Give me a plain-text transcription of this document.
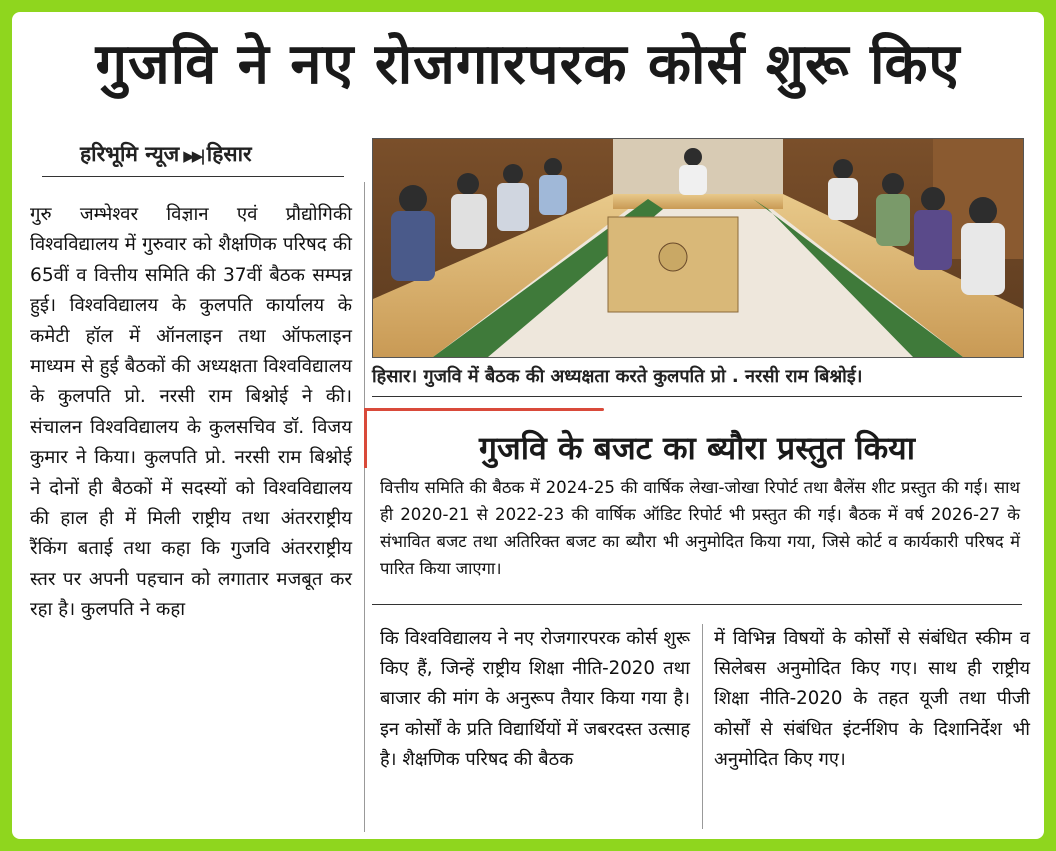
गुजवि ने नए रोजगारपरक कोर्स शुरू किए
हरिभूमि न्यूज ▶▶| हिसार

गुरु जम्भेश्वर विज्ञान एवं प्रौद्योगिकी विश्वविद्यालय में गुरुवार को शैक्षणिक परिषद की 65वीं व वित्तीय समिति की 37वीं बैठक सम्पन्न हुई। विश्वविद्यालय के कुलपति कार्यालय के कमेटी हॉल में ऑनलाइन तथा ऑफलाइन माध्यम से हुई बैठकों की अध्यक्षता विश्वविद्यालय के कुलपति प्रो. नरसी राम बिश्नोई ने की। संचालन विश्वविद्यालय के कुलसचिव डॉ. विजय कुमार ने किया। कुलपति प्रो. नरसी राम बिश्नोई ने दोनों ही बैठकों में सदस्यों को विश्वविद्यालय की हाल ही में मिली राष्ट्रीय तथा अंतरराष्ट्रीय रैंकिंग बताई तथा कहा कि गुजवि अंतरराष्ट्रीय स्तर पर अपनी पहचान को लगातार मजबूत कर रहा है। कुलपति ने कहा

हिसार। गुजवि में बैठक की अध्यक्षता करते कुलपति प्रो . नरसी राम बिश्नोई।
गुजवि के बजट का ब्यौरा प्रस्तुत किया

वित्तीय समिति की बैठक में 2024-25 की वार्षिक लेखा-जोखा रिपोर्ट तथा बैलेंस शीट प्रस्तुत की गई। साथ ही 2020-21 से 2022-23 की वार्षिक ऑडिट रिपोर्ट भी प्रस्तुत की गई। बैठक में वर्ष 2026-27 के संभावित बजट तथा अतिरिक्त बजट का ब्यौरा भी अनुमोदित किया गया, जिसे कोर्ट व कार्यकारी परिषद में पारित किया जाएगा।

कि विश्वविद्यालय ने नए रोजगारपरक कोर्स शुरू किए हैं, जिन्हें राष्ट्रीय शिक्षा नीति-2020 तथा बाजार की मांग के अनुरूप तैयार किया गया है। इन कोर्सों के प्रति विद्यार्थियों में जबरदस्त उत्साह है। शैक्षणिक परिषद की बैठक

में विभिन्न विषयों के कोर्सों से संबंधित स्कीम व सिलेबस अनुमोदित किए गए। साथ ही राष्ट्रीय शिक्षा नीति-2020 के तहत यूजी तथा पीजी कोर्सों से संबंधित इंटर्नशिप के दिशानिर्देश भी अनुमोदित किए गए।
